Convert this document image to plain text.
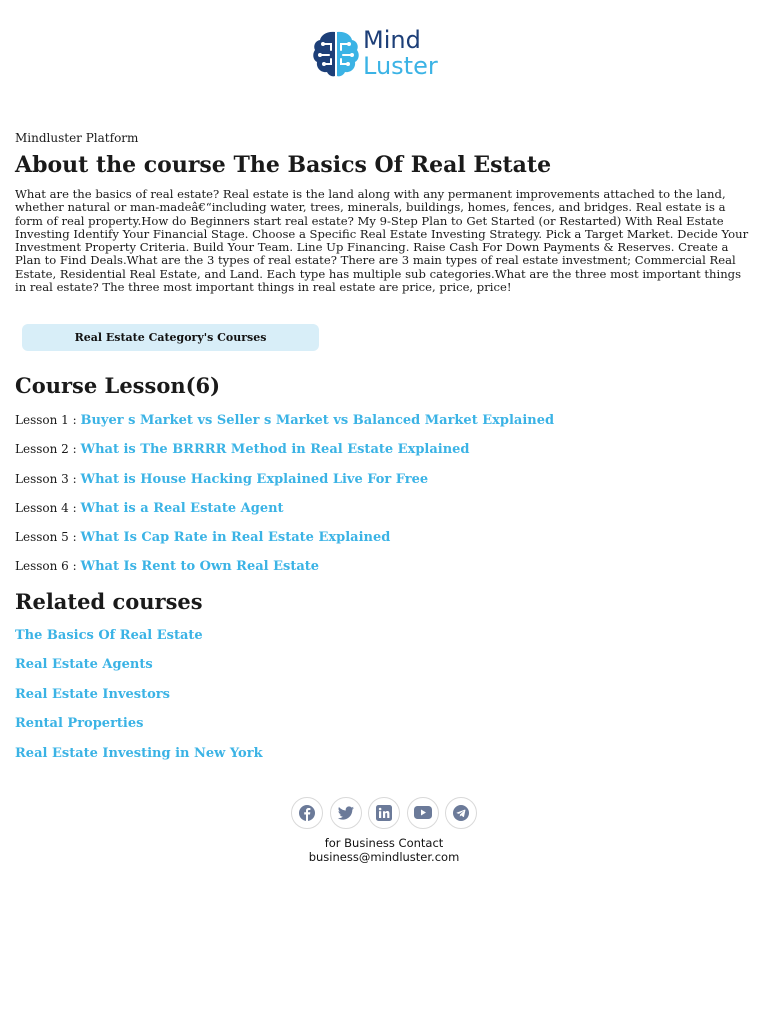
Mind
Luster
Mindluster Platform
About the course The Basics Of Real Estate

What are the basics of real estate? Real estate is the land along with any permanent improvements attached to the land, whether natural or man-madeâ€“including water, trees, minerals, buildings, homes, fences, and bridges. Real estate is a form of real property.How do Beginners start real estate? My 9-Step Plan to Get Started (or Restarted) With Real Estate Investing Identify Your Financial Stage. Choose a Specific Real Estate Investing Strategy. Pick a Target Market. Decide Your Investment Property Criteria. Build Your Team. Line Up Financing. Raise Cash For Down Payments & Reserves. Create a Plan to Find Deals.What are the 3 types of real estate? There are 3 main types of real estate investment; Commercial Real Estate, Residential Real Estate, and Land. Each type has multiple sub categories.What are the three most important things in real estate? The three most important things in real estate are price, price, price!

Real Estate Category's Courses
Course Lesson(6)
Lesson 1 : Buyer s Market vs Seller s Market vs Balanced Market Explained
Lesson 2 : What is The BRRRR Method in Real Estate Explained
Lesson 3 : What is House Hacking Explained Live For Free
Lesson 4 : What is a Real Estate Agent
Lesson 5 : What Is Cap Rate in Real Estate Explained
Lesson 6 : What Is Rent to Own Real Estate
Related courses
The Basics Of Real Estate
Real Estate Agents
Real Estate Investors
Rental Properties
Real Estate Investing in New York
for Business Contact
business@mindluster.com
